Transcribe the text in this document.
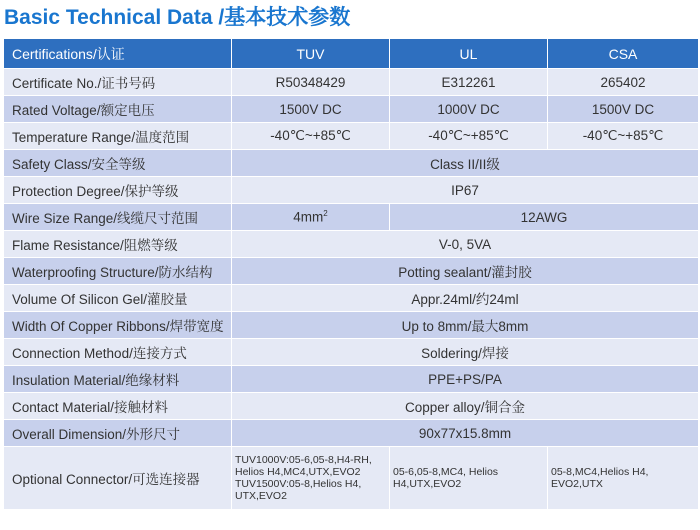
Basic Technical Data /基本技术参数
Certifications/认证	TUV	UL	CSA
Certificate No./证书号码	R50348429	E312261	265402
Rated Voltage/额定电压	1500V DC	1000V DC	1500V DC
Temperature Range/温度范围	-40℃~+85℃	-40℃~+85℃	-40℃~+85℃
Safety Class/安全等级	Class II/II级		
Protection Degree/保护等级	IP67		
Wire Size Range/线缆尺寸范围	$4mm^2$	12AWG	
Flame Resistance/阻燃等级	V-0, 5VA		
Waterproofing Structure/防水结构	Potting sealant/灌封胶		
Volume Of Silicon Gel/灌胶量	Appr.24ml/约24ml		
Width Of Copper Ribbons/焊带宽度	Up to 8mm/最大8mm		
Connection Method/连接方式	Soldering/焊接		
Insulation Material/绝缘材料	PPE+PS/PA		
Contact Material/接触材料	Copper alloy/铜合金		
Overall Dimension/外形尺寸	90x77x15.8mm		
Optional Connector/可选连接器	TUV1000V:05-6,05-8,H4-RH, Helios H4,MC4,UTX,EVO2 TUV1500V:05-8,Helios H4, UTX,EVO2	05-6,05-8,MC4, Helios H4,UTX,EVO2	05-8,MC4,Helios H4, EVO2,UTX
